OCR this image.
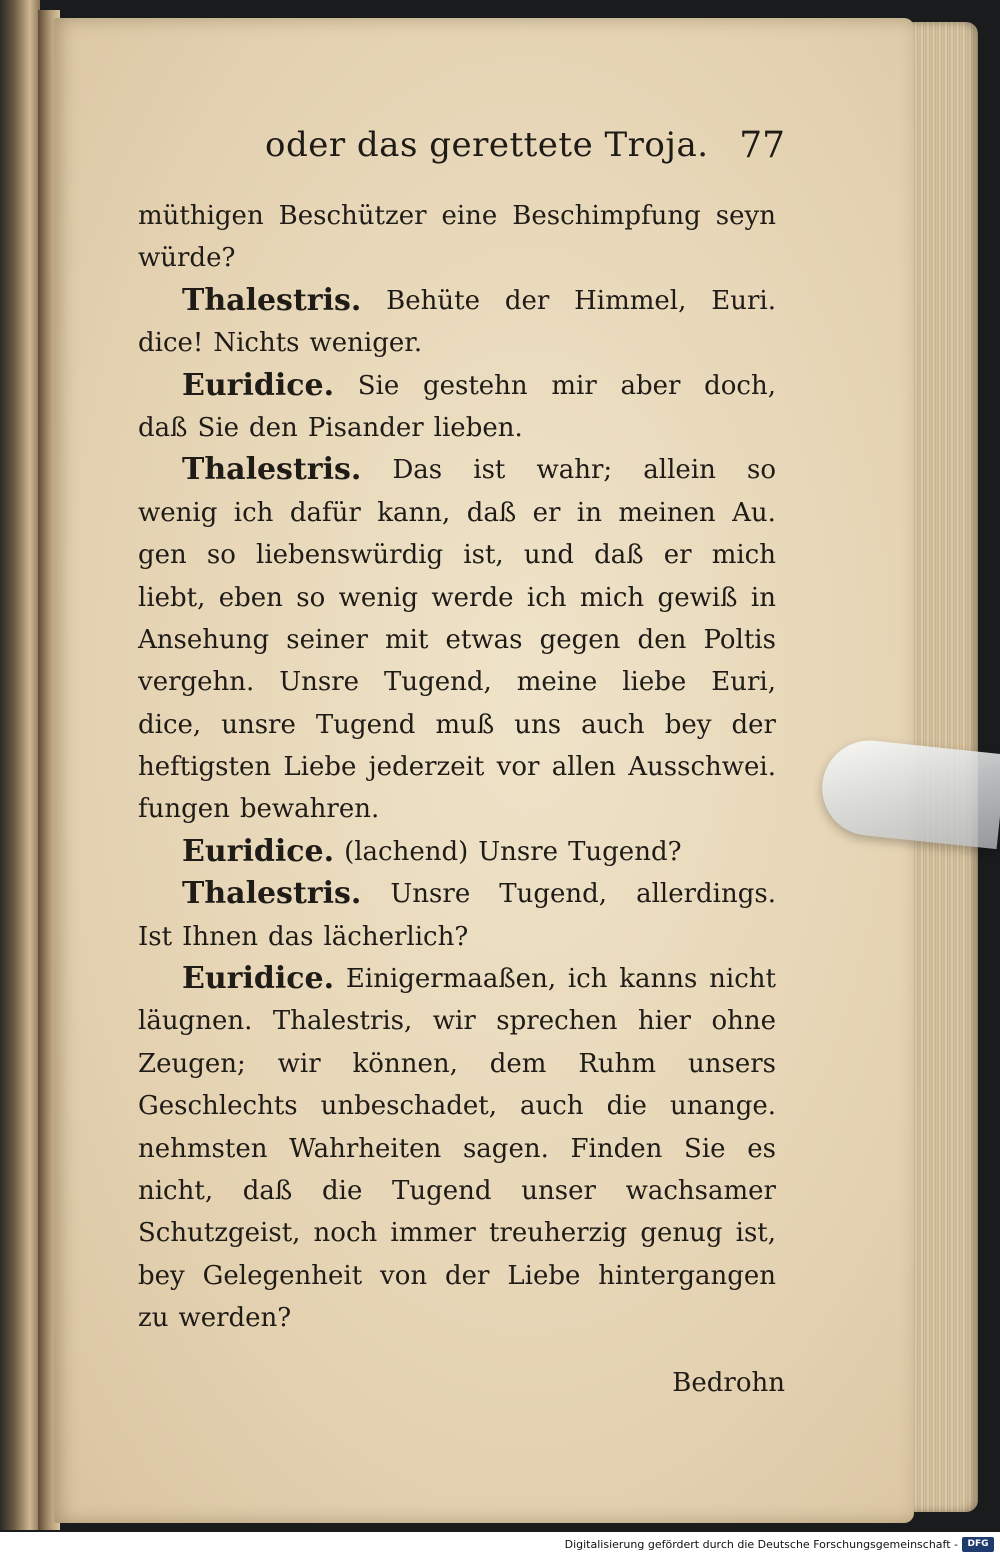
oder das gerettete Troja. 77
müthigen Beschützer eine Beschimpfung seyn
würde?
Thalestris. Behüte der Himmel, Euri.
dice! Nichts weniger.
Euridice. Sie gestehn mir aber doch,
daß Sie den Pisander lieben.
Thalestris. Das ist wahr; allein so
wenig ich dafür kann, daß er in meinen Au.
gen so liebenswürdig ist, und daß er mich
liebt, eben so wenig werde ich mich gewiß in
Ansehung seiner mit etwas gegen den Poltis
vergehn. Unsre Tugend, meine liebe Euri,
dice, unsre Tugend muß uns auch bey der
heftigsten Liebe jederzeit vor allen Ausschwei.
fungen bewahren.
Euridice. (lachend) Unsre Tugend?
Thalestris. Unsre Tugend, allerdings.
Ist Ihnen das lächerlich?
Euridice. Einigermaaßen, ich kanns nicht
läugnen. Thalestris, wir sprechen hier ohne
Zeugen; wir können, dem Ruhm unsers
Geschlechts unbeschadet, auch die unange.
nehmsten Wahrheiten sagen. Finden Sie es
nicht, daß die Tugend unser wachsamer
Schutzgeist, noch immer treuherzig genug ist,
bey Gelegenheit von der Liebe hintergangen
zu werden?
Bedrohn
Digitalisierung gefördert durch die Deutsche Forschungsgemeinschaft -	DFG
